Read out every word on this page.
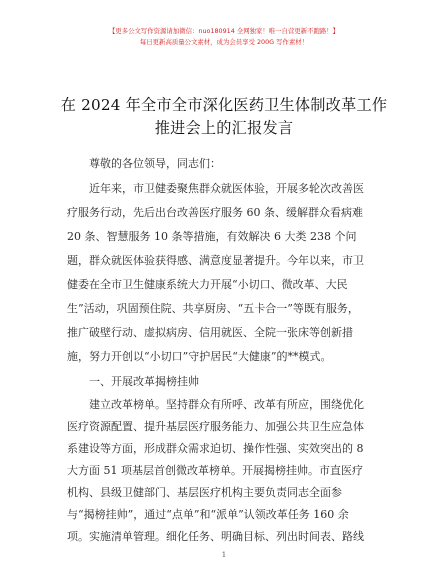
【更多公文写作资源请加微信：nuo180914 全网独家！唯一自营更新不跑路！】
每日更新高质量公文素材，成为会员享受 200G 写作素材！
在 2024 年全市全市深化医药卫生体制改革工作
推进会上的汇报发言
尊敬的各位领导，同志们：
近年来，市卫健委聚焦群众就医体验，开展多轮次改善医
疗服务行动，先后出台改善医疗服务 60 条、缓解群众看病难
20 条、智慧服务 10 条等措施，有效解决 6 大类 238 个问
题，群众就医体验获得感、满意度显著提升。今年以来，市卫
健委在全市卫生健康系统大力开展“小切口、微改革、大民
生”活动，巩固预住院、共享厨房、“五卡合一”等既有服务，
推广破壁行动、虚拟病房、信用就医、全院一张床等创新措
施，努力开创以“小切口”守护居民“大健康”的**模式。
一、开展改革揭榜挂帅
建立改革榜单。坚持群众有所呼、改革有所应，围绕优化
医疗资源配置、提升基层医疗服务能力、加强公共卫生应急体
系建设等方面，形成群众需求迫切、操作性强、实效突出的 8
大方面 51 项基层首创微改革榜单。开展揭榜挂帅。市直医疗
机构、县级卫健部门、基层医疗机构主要负责同志全面参
与“揭榜挂帅”，通过“点单”和“派单”认领改革任务 160 余
项。实施清单管理。细化任务、明确目标、列出时间表、路线
1
